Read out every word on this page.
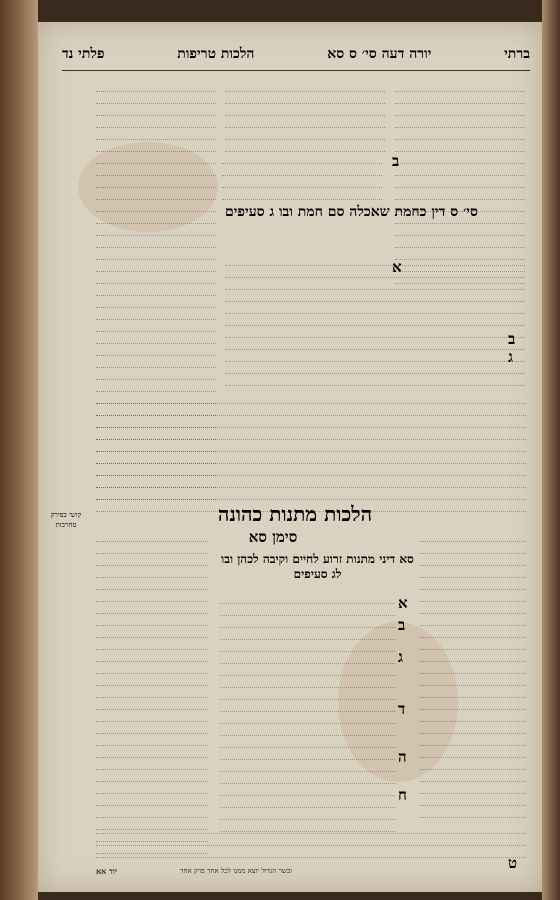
פלתי נד	הלכות טריפות	יורה דעה סי׳ ס סא	ברתי
ב
סי׳ ס דין כחמת שאכלה סם חמת ובו ג סעיפים
א
ב
ג
קושי בפירק סחרבות	הלכות מתנות כהונה
סימן סא
סא דיני מתנות זרוע לחיים וקיבה לכהן ובו לג סעיפים
א
ב
ג
ד
ה
ח
ט
ובשר הגדול יוצא ממנו לכל אחד פרק אחד
יוד אא
